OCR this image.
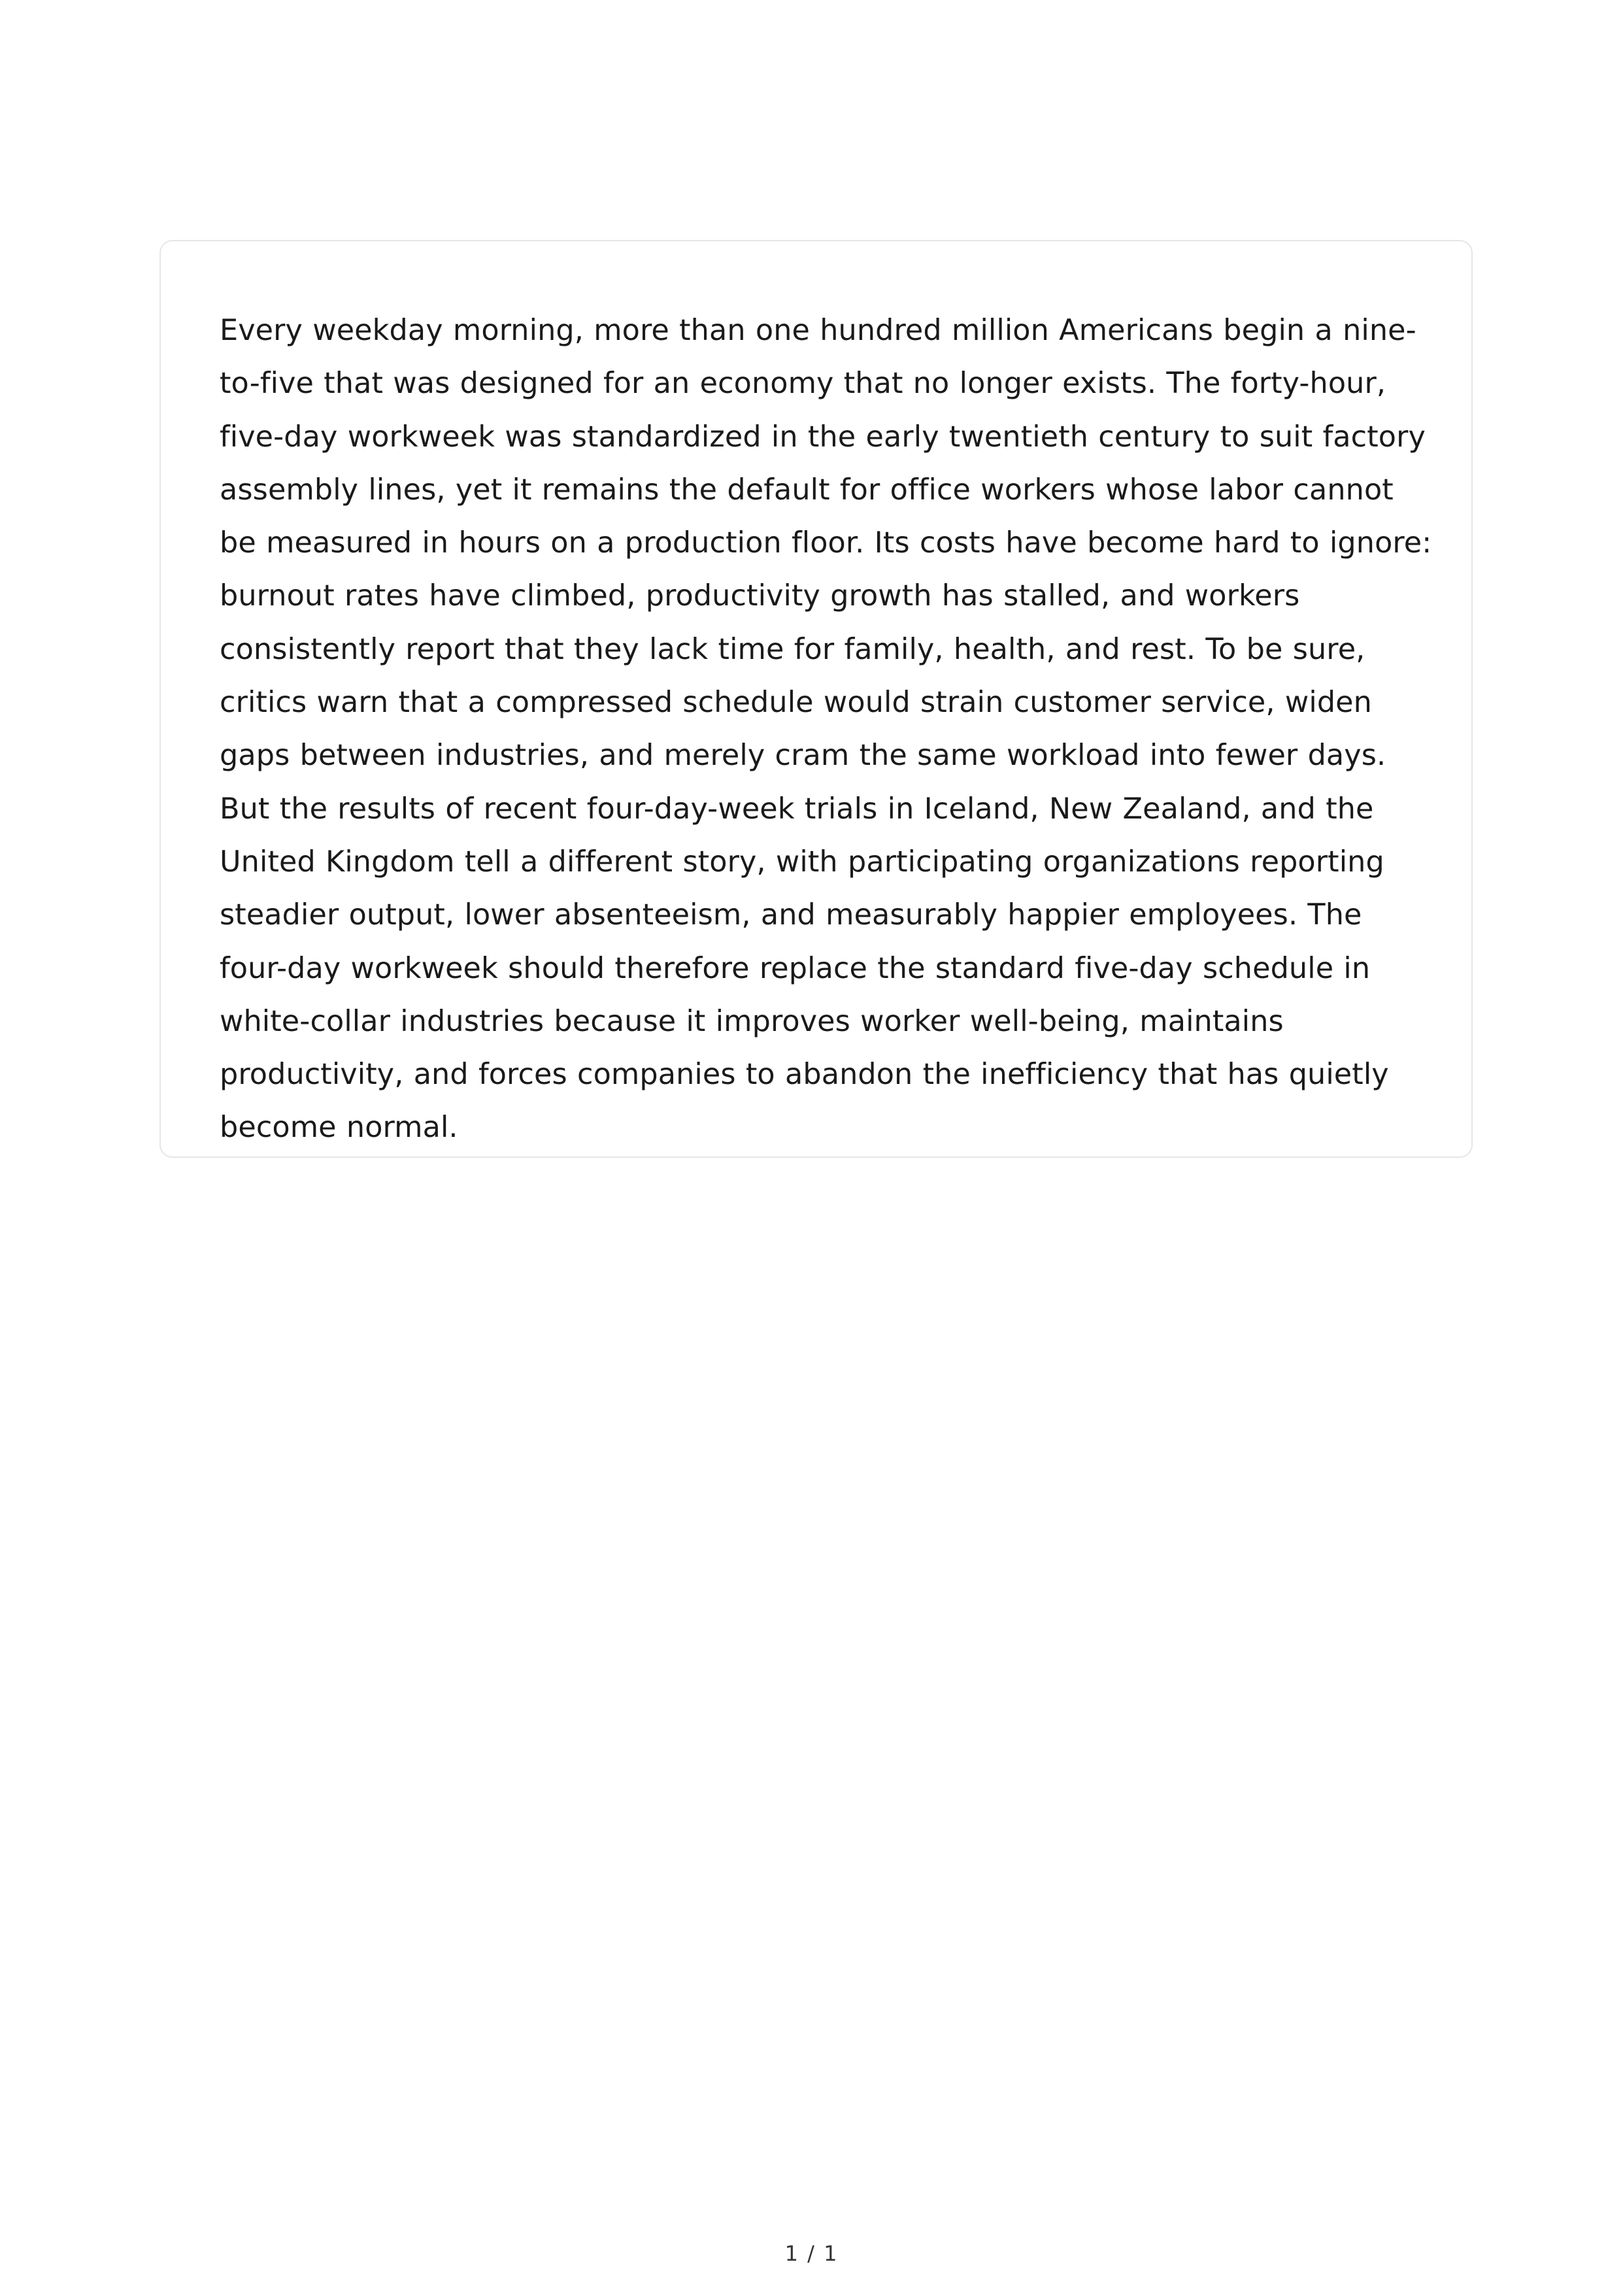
Every weekday morning, more than one hundred million Americans begin a nine-to-five that was designed for an economy that no longer exists. The forty-hour, five-day workweek was standardized in the early twentieth century to suit factory assembly lines, yet it remains the default for office workers whose labor cannot be measured in hours on a production floor. Its costs have become hard to ignore: burnout rates have climbed, productivity growth has stalled, and workers consistently report that they lack time for family, health, and rest. To be sure, critics warn that a compressed schedule would strain customer service, widen gaps between industries, and merely cram the same workload into fewer days. But the results of recent four-day-week trials in Iceland, New Zealand, and the United Kingdom tell a different story, with participating organizations reporting steadier output, lower absenteeism, and measurably happier employees. The four-day workweek should therefore replace the standard five-day schedule in white-collar industries because it improves worker well-being, maintains productivity, and forces companies to abandon the inefficiency that has quietly become normal.

1 / 1
